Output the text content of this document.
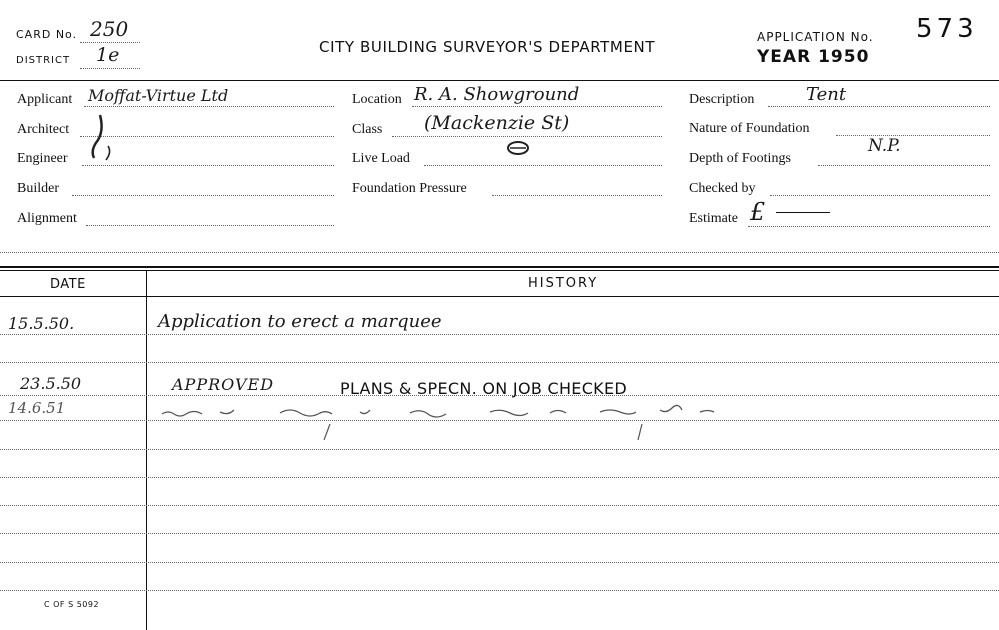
CARD No. 250
DISTRICT 1e	CITY BUILDING SURVEYOR'S DEPARTMENT
APPLICATION No. 573
YEAR 1950
Applicant Moffat-Virtue Ltd
Architect
Engineer
Builder
Alignment
Location R. A. Showground
Class (Mackenzie St)
Live Load
Foundation Pressure
Description	Tent
Nature of Foundation
Depth of Footings
N.P.
Checked by
Estimate £
DATE	HISTORY
15.5.50.	Application to erect a marquee
23.5.50	APPROVED	PLANS & SPECN. ON JOB CHECKED
14.6.51
C OF S 5092
